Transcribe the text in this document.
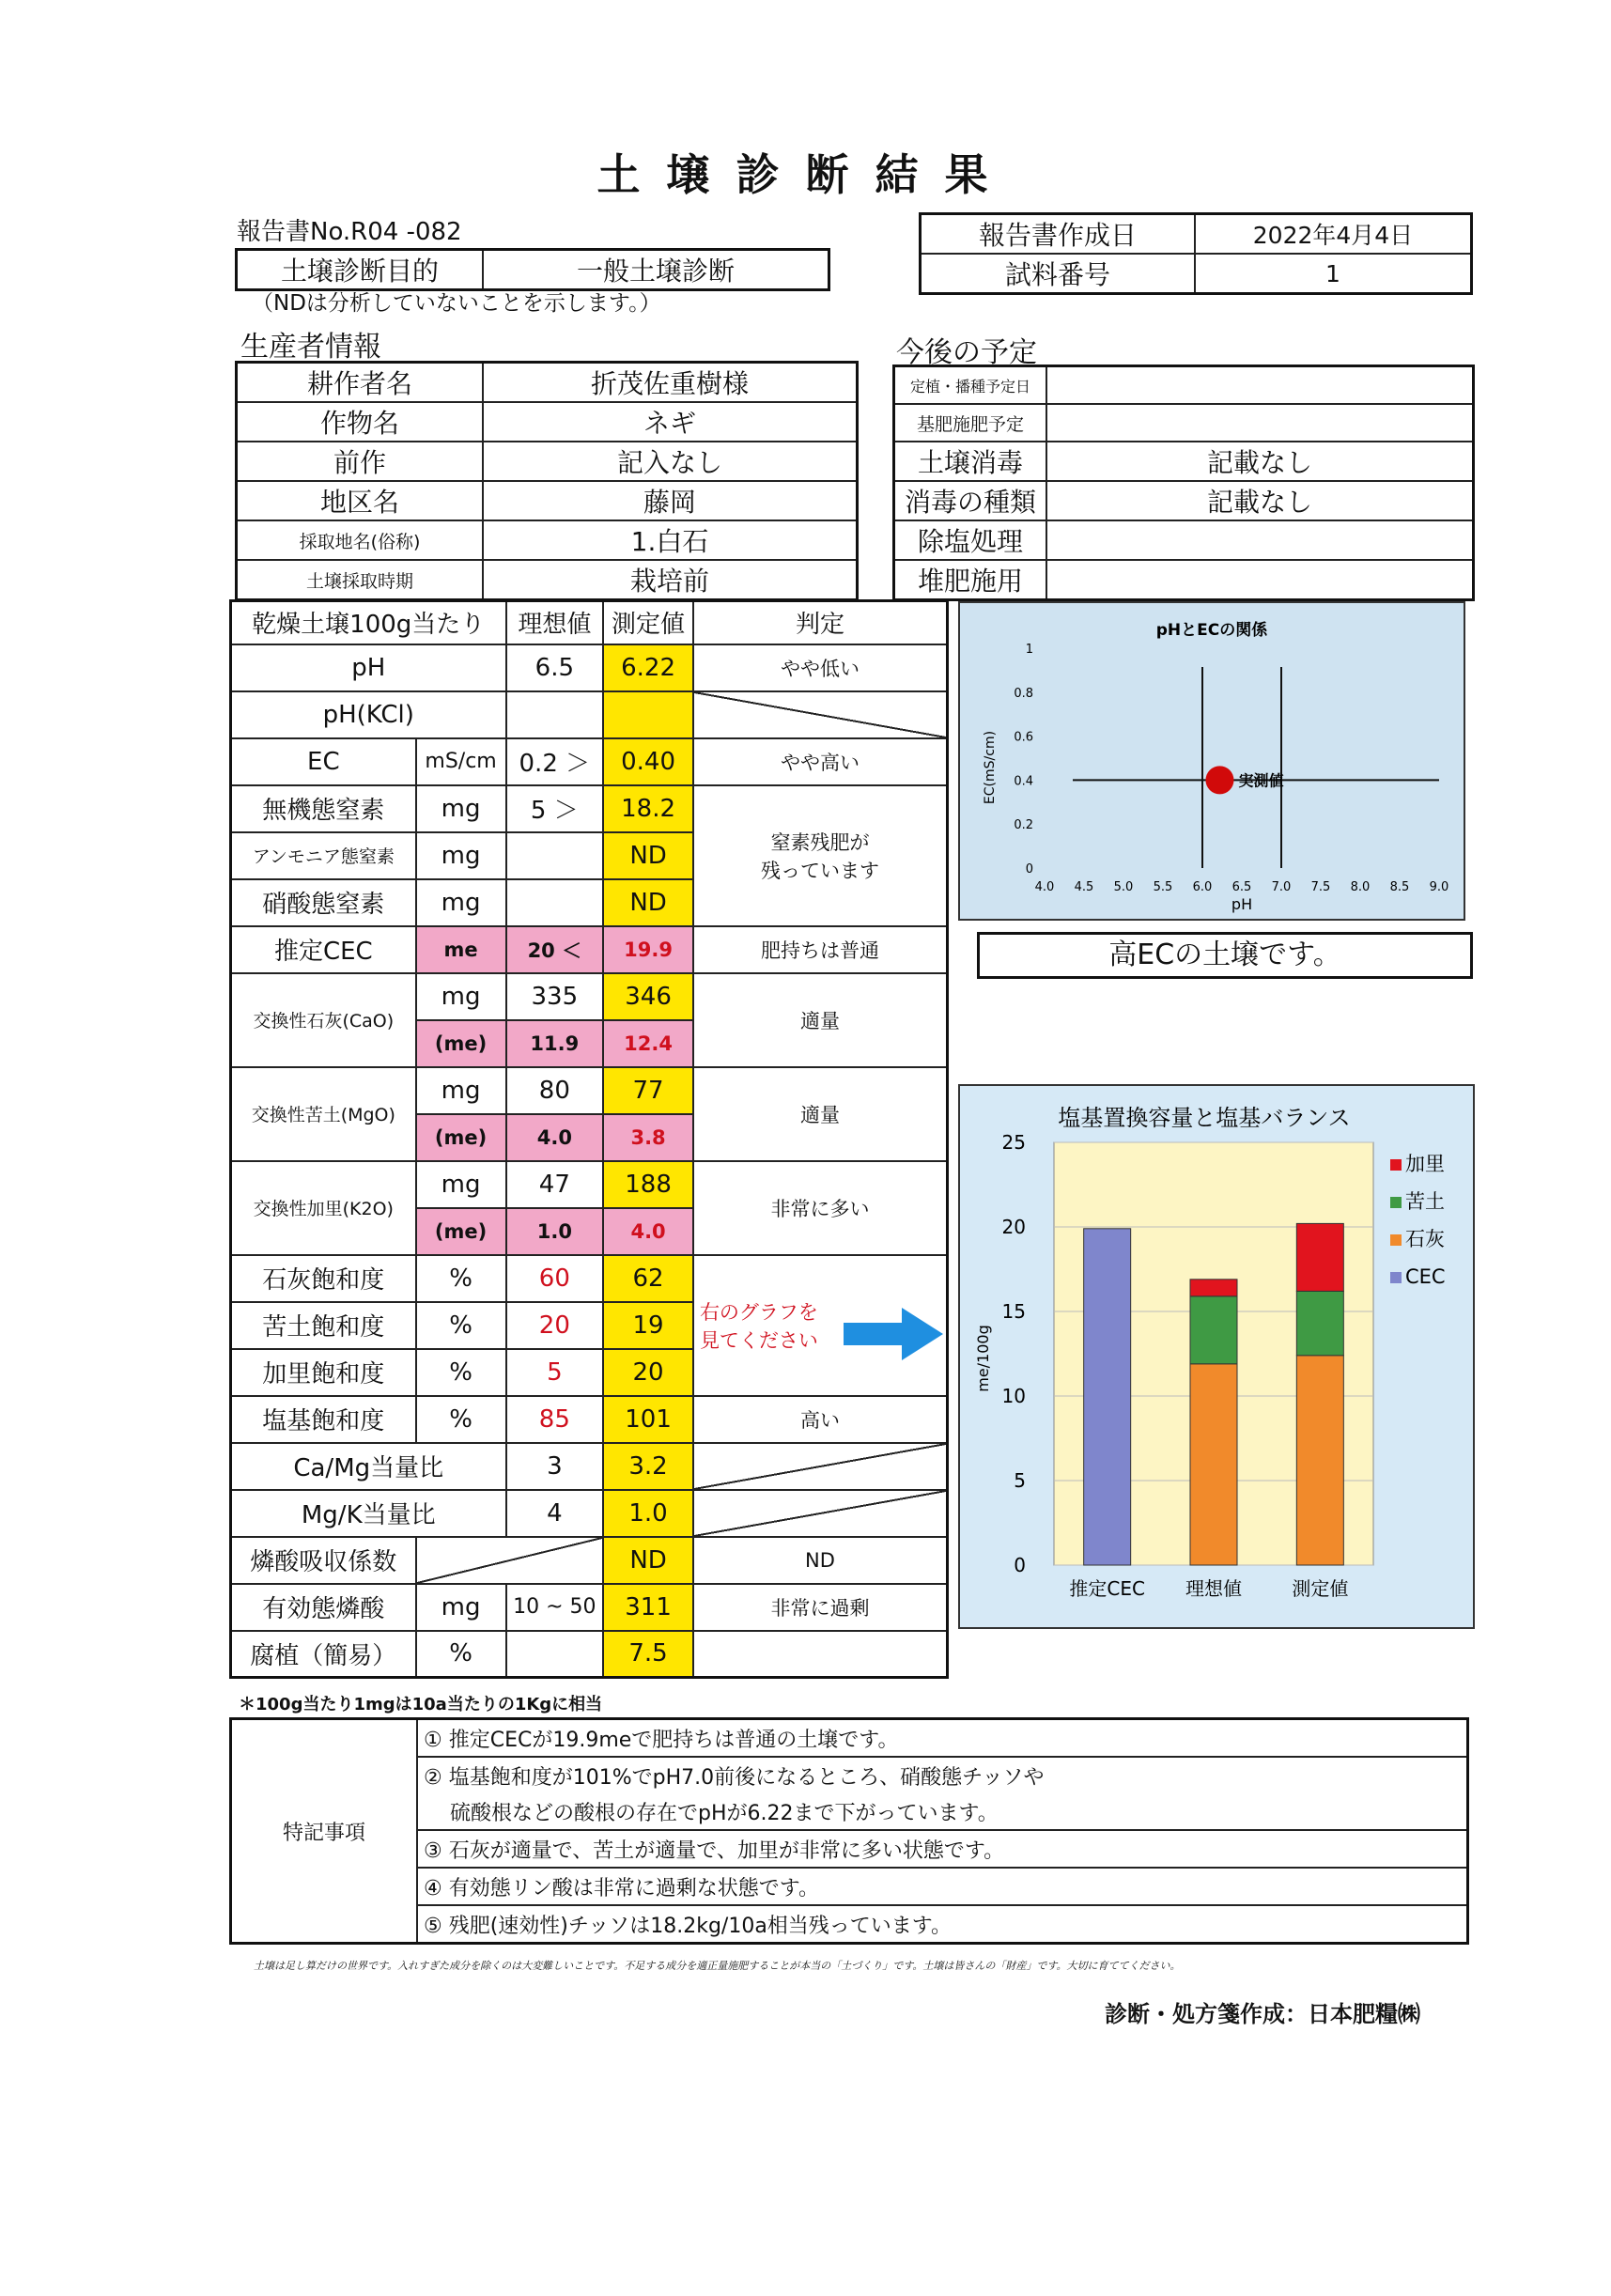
土壌診断結果
報告書No.R04 -082
土壌診断目的	一般土壌診断
（NDは分析していないことを示します。）
報告書作成日	2022年4月4日
試料番号	1
生産者情報
耕作者名	折茂佐重樹様
作物名	ネギ
前作	記入なし
地区名	藤岡
採取地名(俗称)	1.白石
土壌採取時期	栽培前
今後の予定
定植・播種予定日	
基肥施肥予定	
土壌消毒	記載なし
消毒の種類	記載なし
除塩処理	
堆肥施用	
乾燥土壌100g当たり		理想値	測定値	判定
pH		6.5	6.22	やや低い
pH(KCl)				
EC	mS/cm	0.2 ＞	0.40	やや高い
無機態窒素	mg	5 ＞	18.2	窒素残肥が
残っています
アンモニア態窒素	mg		ND	
硝酸態窒素	mg		ND	
推定CEC	me	20 ＜	19.9	肥持ちは普通
交換性石灰(CaO)	mg	335	346	適量
	(me)	11.9	12.4	
交換性苦土(MgO)	mg	80	77	適量
	(me)	4.0	3.8	
交換性加里(K2O)	mg	47	188	非常に多い
	(me)	1.0	4.0	
石灰飽和度	%	60	62	右のグラフを
見てください
苦土飽和度	%	20	19	
加里飽和度	%	5	20	
塩基飽和度	%	85	101	高い
Ca/Mg当量比		3	3.2	
Mg/K当量比		4	1.0	
燐酸吸収係数			ND	ND
有効態燐酸	mg	10 ~ 50	311	非常に過剰
腐植（簡易）	%		7.5	
＊100g当たり1mgは10a当たりの1Kgに相当
特記事項	① 推定CECが19.9meで肥持ちは普通の土壌です。
② 塩基飽和度が101%でpH7.0前後になるところ、硝酸態チッソや
硫酸根などの酸根の存在でpHが6.22まで下がっています。
③ 石灰が適量で、苦土が適量で、加里が非常に多い状態です。
④ 有効態リン酸は非常に過剰な状態です。
⑤ 残肥(速効性)チッソは18.2kg/10a相当残っています。
土壌は足し算だけの世界です。入れすぎた成分を除くのは大変難しいことです。不足する成分を適正量施肥することが本当の「土づくり」です。土壌は皆さんの「財産」です。大切に育ててください。
診断・処方箋作成：日本肥糧㈱
pHとECの関係
0
0.2
0.4
0.6
0.8
1
4.0 4.5 5.0 5.5 6.0 6.5 7.0 7.5 8.0 8.5 9.0
pH
EC(mS/cm)	実測値
高ECの土壌です。
塩基置換容量と塩基バランス
0
5
10
15
20
25
me/100g
推定CEC 理想値	測定値
加里
苦土
石灰
CEC
